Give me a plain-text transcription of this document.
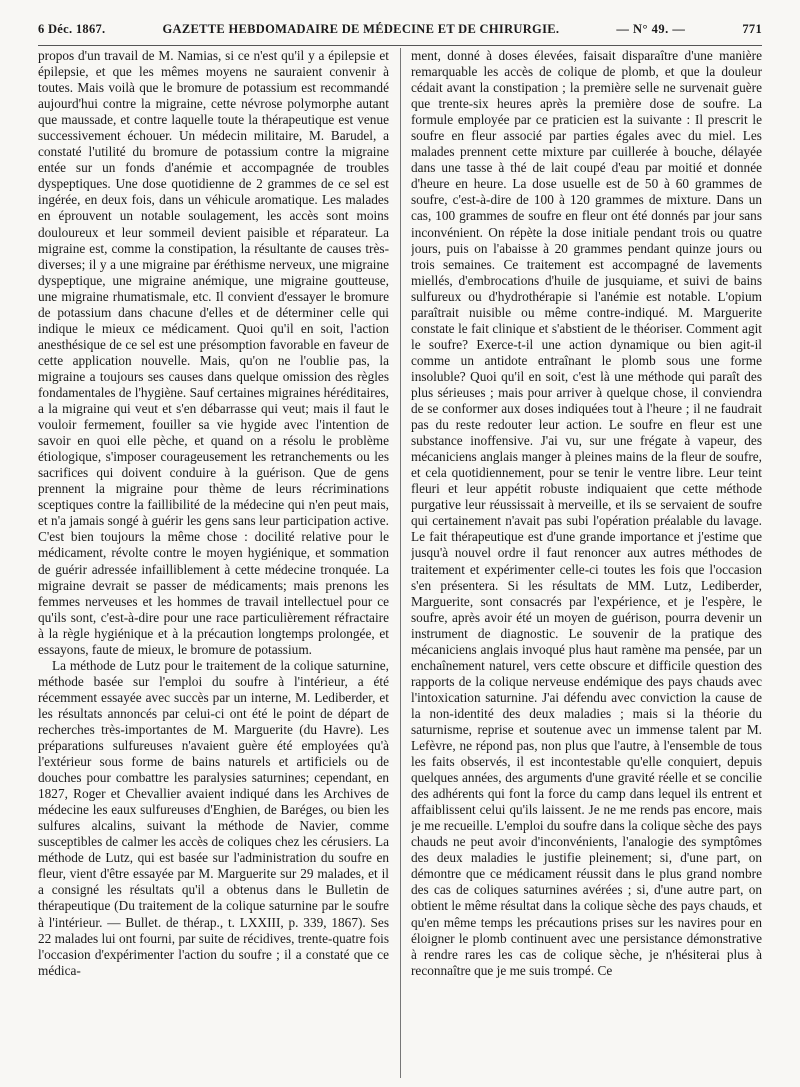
6 Déc. 1867.	GAZETTE HEBDOMADAIRE DE MÉDECINE ET DE CHIRURGIE.	— N° 49. —	771

propos d'un travail de M. Namias, si ce n'est qu'il y a épilepsie et épilepsie, et que les mêmes moyens ne sauraient convenir à toutes. Mais voilà que le bromure de potassium est recommandé aujourd'hui contre la migraine, cette névrose polymorphe autant que maussade, et contre laquelle toute la thérapeutique est venue successivement échouer. Un médecin militaire, M. Barudel, a constaté l'utilité du bromure de potassium contre la migraine entée sur un fonds d'anémie et accompagnée de troubles dyspeptiques. Une dose quotidienne de 2 grammes de ce sel est ingérée, en deux fois, dans un véhicule aromatique. Les malades en éprouvent un notable soulagement, les accès sont moins douloureux et leur sommeil devient paisible et réparateur. La migraine est, comme la constipation, la résultante de causes très-diverses; il y a une migraine par éréthisme nerveux, une migraine dyspeptique, une migraine anémique, une migraine goutteuse, une migraine rhumatismale, etc. Il convient d'essayer le bromure de potassium dans chacune d'elles et de déterminer celle qui indique le mieux ce médicament. Quoi qu'il en soit, l'action anesthésique de ce sel est une présomption favorable en faveur de cette application nouvelle. Mais, qu'on ne l'oublie pas, la migraine a toujours ses causes dans quelque omission des règles fondamentales de l'hygiène. Sauf certaines migraines héréditaires, a la migraine qui veut et s'en débarrasse qui veut; mais il faut le vouloir fermement, fouiller sa vie hygide avec l'intention de savoir en quoi elle pèche, et quand on a résolu le problème étiologique, s'imposer courageusement les retranchements ou les sacrifices qui doivent conduire à la guérison. Que de gens prennent la migraine pour thème de leurs récriminations sceptiques contre la faillibilité de la médecine qui n'en peut mais, et n'a jamais songé à guérir les gens sans leur participation active. C'est bien toujours la même chose : docilité relative pour le médicament, révolte contre le moyen hygiénique, et sommation de guérir adressée infailliblement à cette médecine tronquée. La migraine devrait se passer de médicaments; mais prenons les femmes nerveuses et les hommes de travail intellectuel pour ce qu'ils sont, c'est-à-dire pour une race particulièrement réfractaire à la règle hygiénique et à la précaution longtemps prolongée, et essayons, faute de mieux, le bromure de potassium.

La méthode de Lutz pour le traitement de la colique saturnine, méthode basée sur l'emploi du soufre à l'intérieur, a été récemment essayée avec succès par un interne, M. Lediberder, et les résultats annoncés par celui-ci ont été le point de départ de recherches très-importantes de M. Marguerite (du Havre). Les préparations sulfureuses n'avaient guère été employées qu'à l'extérieur sous forme de bains naturels et artificiels ou de douches pour combattre les paralysies saturnines; cependant, en 1827, Roger et Chevallier avaient indiqué dans les Archives de médecine les eaux sulfureuses d'Enghien, de Baréges, ou bien les sulfures alcalins, suivant la méthode de Navier, comme susceptibles de calmer les accès de coliques chez les cérusiers. La méthode de Lutz, qui est basée sur l'administration du soufre en fleur, vient d'être essayée par M. Marguerite sur 29 malades, et il a consigné les résultats qu'il a obtenus dans le Bulletin de thérapeutique (Du traitement de la colique saturnine par le soufre à l'intérieur. — Bullet. de thérap., t. LXXIII, p. 339, 1867). Ses 22 malades lui ont fourni, par suite de récidives, trente-quatre fois l'occasion d'expérimenter l'action du soufre ; il a constaté que ce médica-

ment, donné à doses élevées, faisait disparaître d'une manière remarquable les accès de colique de plomb, et que la douleur cédait avant la constipation ; la première selle ne survenait guère que trente-six heures après la première dose de soufre. La formule employée par ce praticien est la suivante : Il prescrit le soufre en fleur associé par parties égales avec du miel. Les malades prennent cette mixture par cuillerée à bouche, délayée dans une tasse à thé de lait coupé d'eau par moitié et donnée d'heure en heure. La dose usuelle est de 50 à 60 grammes de soufre, c'est-à-dire de 100 à 120 grammes de mixture. Dans un cas, 100 grammes de soufre en fleur ont été donnés par jour sans inconvénient. On répète la dose initiale pendant trois ou quatre jours, puis on l'abaisse à 20 grammes pendant quinze jours ou trois semaines. Ce traitement est accompagné de lavements miellés, d'embrocations d'huile de jusquiame, et suivi de bains sulfureux ou d'hydrothérapie si l'anémie est notable. L'opium paraîtrait nuisible ou même contre-indiqué. M. Marguerite constate le fait clinique et s'abstient de le théoriser. Comment agit le soufre? Exerce-t-il une action dynamique ou bien agit-il comme un antidote entraînant le plomb sous une forme insoluble? Quoi qu'il en soit, c'est là une méthode qui paraît des plus sérieuses ; mais pour arriver à quelque chose, il conviendra de se conformer aux doses indiquées tout à l'heure ; il ne faudrait pas du reste redouter leur action. Le soufre en fleur est une substance inoffensive. J'ai vu, sur une frégate à vapeur, des mécaniciens anglais manger à pleines mains de la fleur de soufre, et cela quotidiennement, pour se tenir le ventre libre. Leur teint fleuri et leur appétit robuste indiquaient que cette méthode purgative leur réussissait à merveille, et ils se servaient de soufre qui certainement n'avait pas subi l'opération préalable du lavage. Le fait thérapeutique est d'une grande importance et j'estime que jusqu'à nouvel ordre il faut renoncer aux autres méthodes de traitement et expérimenter celle-ci toutes les fois que l'occasion s'en présentera. Si les résultats de MM. Lutz, Lediberder, Marguerite, sont consacrés par l'expérience, et je l'espère, le soufre, après avoir été un moyen de guérison, pourra devenir un instrument de diagnostic. Le souvenir de la pratique des mécaniciens anglais invoqué plus haut ramène ma pensée, par un enchaînement naturel, vers cette obscure et difficile question des rapports de la colique nerveuse endémique des pays chauds avec l'intoxication saturnine. J'ai défendu avec conviction la cause de la non-identité des deux maladies ; mais si la théorie du saturnisme, reprise et soutenue avec un immense talent par M. Lefèvre, ne répond pas, non plus que l'autre, à l'ensemble de tous les faits observés, il est incontestable qu'elle conquiert, depuis quelques années, des arguments d'une gravité réelle et se concilie des adhérents qui font la force du camp dans lequel ils entrent et affaiblissent celui qu'ils laissent. Je ne me rends pas encore, mais je me recueille. L'emploi du soufre dans la colique sèche des pays chauds ne peut avoir d'inconvénients, l'analogie des symptômes des deux maladies le justifie pleinement; si, d'une part, on démontre que ce médicament réussit dans le plus grand nombre des cas de coliques saturnines avérées ; si, d'une autre part, on obtient le même résultat dans la colique sèche des pays chauds, et qu'en même temps les précautions prises sur les navires pour en éloigner le plomb continuent avec une persistance démonstrative à rendre rares les cas de colique sèche, je n'hésiterai plus à reconnaître que je me suis trompé. Ce
